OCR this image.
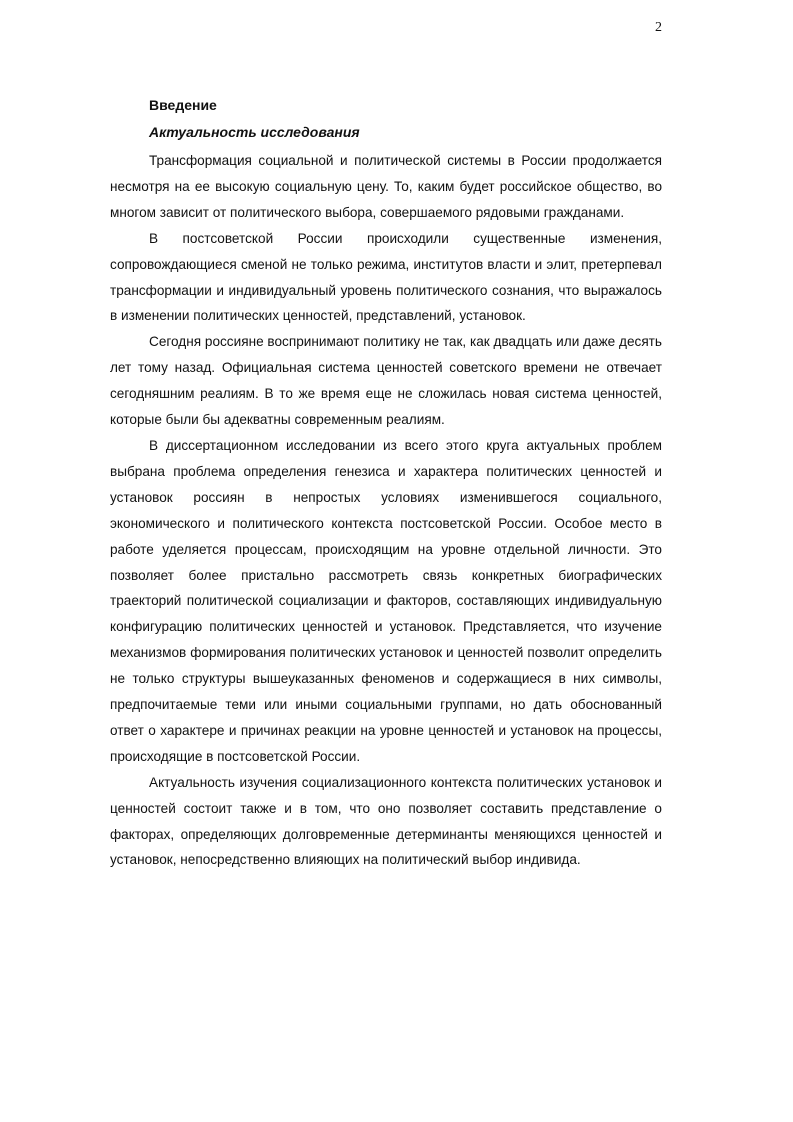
2
Введение
Актуальность исследования

Трансформация социальной и политической системы в России продолжается несмотря на ее высокую социальную цену. То, каким будет российское общество, во многом зависит от политического выбора, совершаемого рядовыми гражданами.

В постсоветской России происходили существенные изменения, сопровождающиеся сменой не только режима, институтов власти и элит, претерпевал трансформации и индивидуальный уровень политического сознания, что выражалось в изменении политических ценностей, представлений, установок.

Сегодня россияне воспринимают политику не так, как двадцать или даже десять лет тому назад. Официальная система ценностей советского времени не отвечает сегодняшним реалиям. В то же время еще не сложилась новая система ценностей, которые были бы адекватны современным реалиям.

В диссертационном исследовании из всего этого круга актуальных проблем выбрана проблема определения генезиса и характера политических ценностей и установок россиян в непростых условиях изменившегося социального, экономического и политического контекста постсоветской России. Особое место в работе уделяется процессам, происходящим на уровне отдельной личности. Это позволяет более пристально рассмотреть связь конкретных биографических траекторий политической социализации и факторов, составляющих индивидуальную конфигурацию политических ценностей и установок. Представляется, что изучение механизмов формирования политических установок и ценностей позволит определить не только структуры вышеуказанных феноменов и содержащиеся в них символы, предпочитаемые теми или иными социальными группами, но дать обоснованный ответ о характере и причинах реакции на уровне ценностей и установок на процессы, происходящие в постсоветской России.

Актуальность изучения социализационного контекста политических установок и ценностей состоит также и в том, что оно позволяет составить представление о факторах, определяющих долговременные детерминанты меняющихся ценностей и установок, непосредственно влияющих на политический выбор индивида.
